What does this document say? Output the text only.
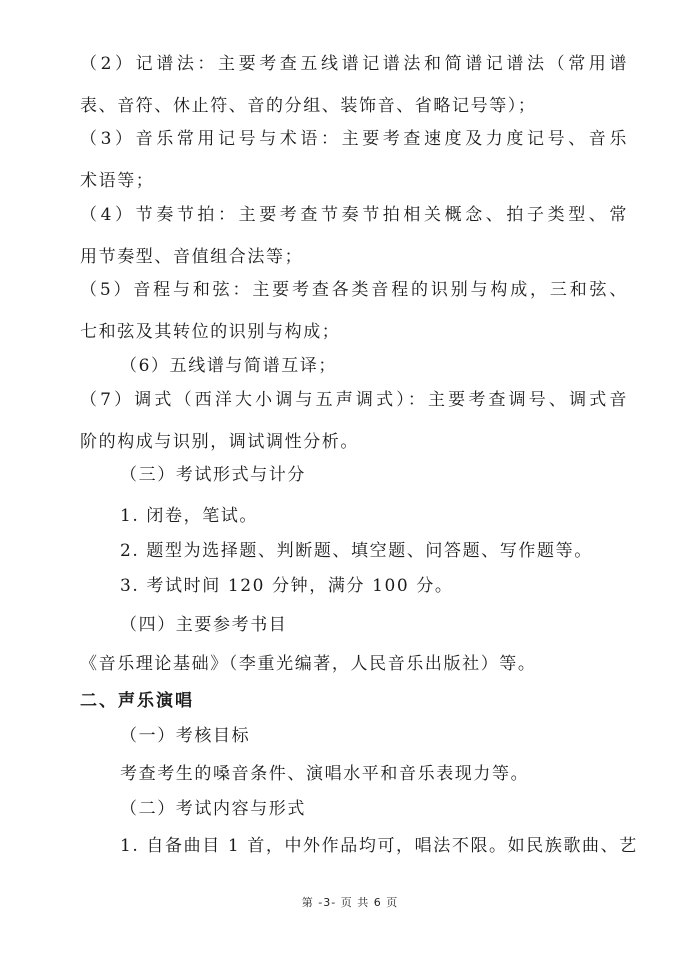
（2）记谱法：主要考查五线谱记谱法和简谱记谱法（常用谱
表、音符、休止符、音的分组、装饰音、省略记号等）；
（3）音乐常用记号与术语：主要考查速度及力度记号、音乐
术语等；
（4）节奏节拍：主要考查节奏节拍相关概念、拍子类型、常
用节奏型、音值组合法等；
（5）音程与和弦：主要考查各类音程的识别与构成，三和弦、
七和弦及其转位的识别与构成；
（6）五线谱与简谱互译；
（7）调式（西洋大小调与五声调式）：主要考查调号、调式音
阶的构成与识别，调试调性分析。
（三）考试形式与计分
1. 闭卷，笔试。
2. 题型为选择题、判断题、填空题、问答题、写作题等。
3. 考试时间 120 分钟，满分 100 分。
（四）主要参考书目
《音乐理论基础》（李重光编著，人民音乐出版社）等。
二、声乐演唱
（一）考核目标
考查考生的嗓音条件、演唱水平和音乐表现力等。
（二）考试内容与形式
1. 自备曲目 1 首，中外作品均可，唱法不限。如民族歌曲、艺
第 -3- 页 共 6 页
